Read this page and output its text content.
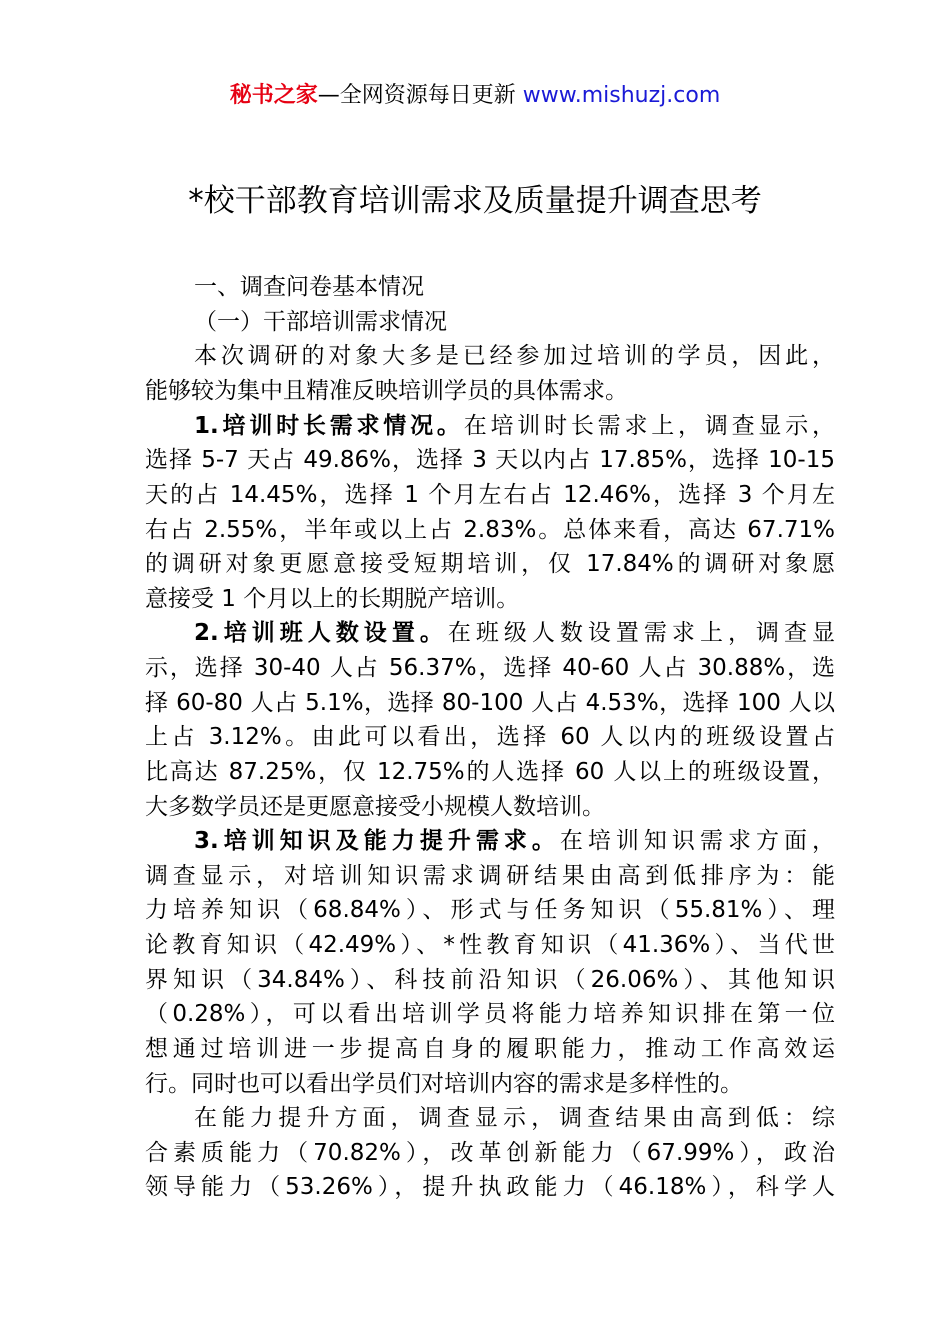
秘书之家—全网资源每日更新 www.mishuzj.com
*校干部教育培训需求及质量提升调查思考
一、调查问卷基本情况
（一）干部培训需求情况
本次调研的对象大多是已经参加过培训的学员，因此，
能够较为集中且精准反映培训学员的具体需求。
1.培训时长需求情况。在培训时长需求上，调查显示，
选择 5-7 天占 49.86%，选择 3 天以内占 17.85%，选择 10-15
天的占 14.45%，选择 1 个月左右占 12.46%，选择 3 个月左
右占 2.55%，半年或以上占 2.83%。总体来看，高达 67.71%
的调研对象更愿意接受短期培训，仅 17.84%的调研对象愿
意接受 1 个月以上的长期脱产培训。
2.培训班人数设置。在班级人数设置需求上，调查显
示，选择 30-40 人占 56.37%，选择 40-60 人占 30.88%，选
择 60-80 人占 5.1%，选择 80-100 人占 4.53%，选择 100 人以
上占 3.12%。由此可以看出，选择 60 人以内的班级设置占
比高达 87.25%，仅 12.75%的人选择 60 人以上的班级设置，
大多数学员还是更愿意接受小规模人数培训。
3.培训知识及能力提升需求。在培训知识需求方面，
调查显示，对培训知识需求调研结果由高到低排序为：能
力培养知识（68.84%）、形式与任务知识（55.81%）、理
论教育知识（42.49%）、*性教育知识（41.36%）、当代世
界知识（34.84%）、科技前沿知识（26.06%）、其他知识
（0.28%），可以看出培训学员将能力培养知识排在第一位
想通过培训进一步提高自身的履职能力，推动工作高效运
行。同时也可以看出学员们对培训内容的需求是多样性的。
在能力提升方面，调查显示，调查结果由高到低：综
合素质能力（70.82%），改革创新能力（67.99%），政治
领导能力（53.26%），提升执政能力（46.18%），科学人
